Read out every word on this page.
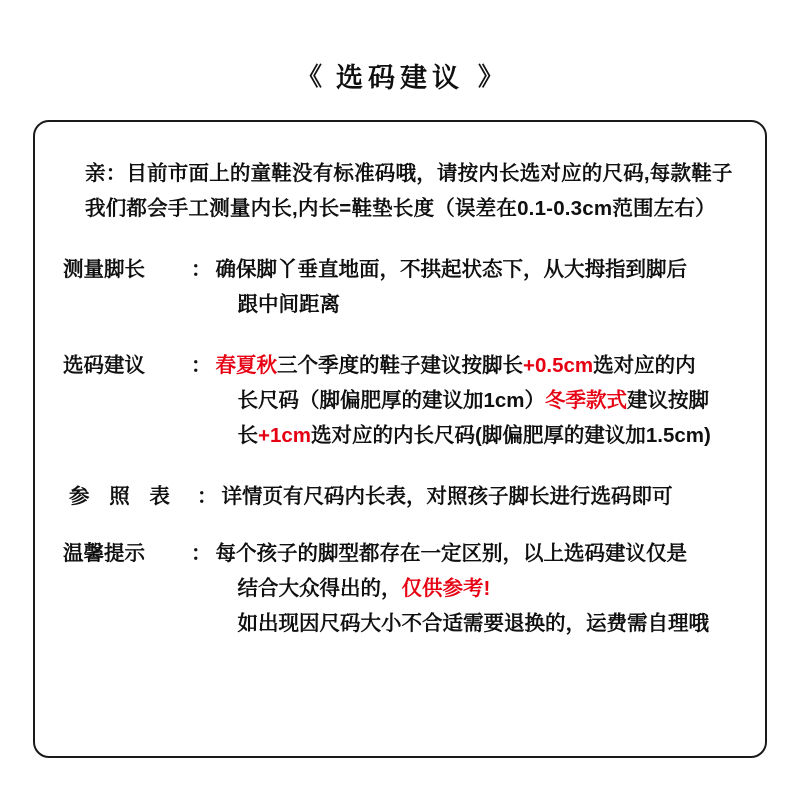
《 选码建议 》

亲：目前市面上的童鞋没有标准码哦，请按内长选对应的尺码,每款鞋子我们都会手工测量内长,内长=鞋垫长度（误差在0.1-0.3cm范围左右）

测量脚长	： 确保脚丫垂直地面，不拱起状态下，从大拇指到脚后
跟中间距离
选码建议	： 春夏秋三个季度的鞋子建议按脚长+0.5cm选对应的内
长尺码（脚偏肥厚的建议加1cm）冬季款式建议按脚
长+1cm选对应的内长尺码(脚偏肥厚的建议加1.5cm)
参 照 表 ： 详情页有尺码内长表，对照孩子脚长进行选码即可
温馨提示	： 每个孩子的脚型都存在一定区别，以上选码建议仅是
结合大众得出的，仅供参考!
如出现因尺码大小不合适需要退换的，运费需自理哦
